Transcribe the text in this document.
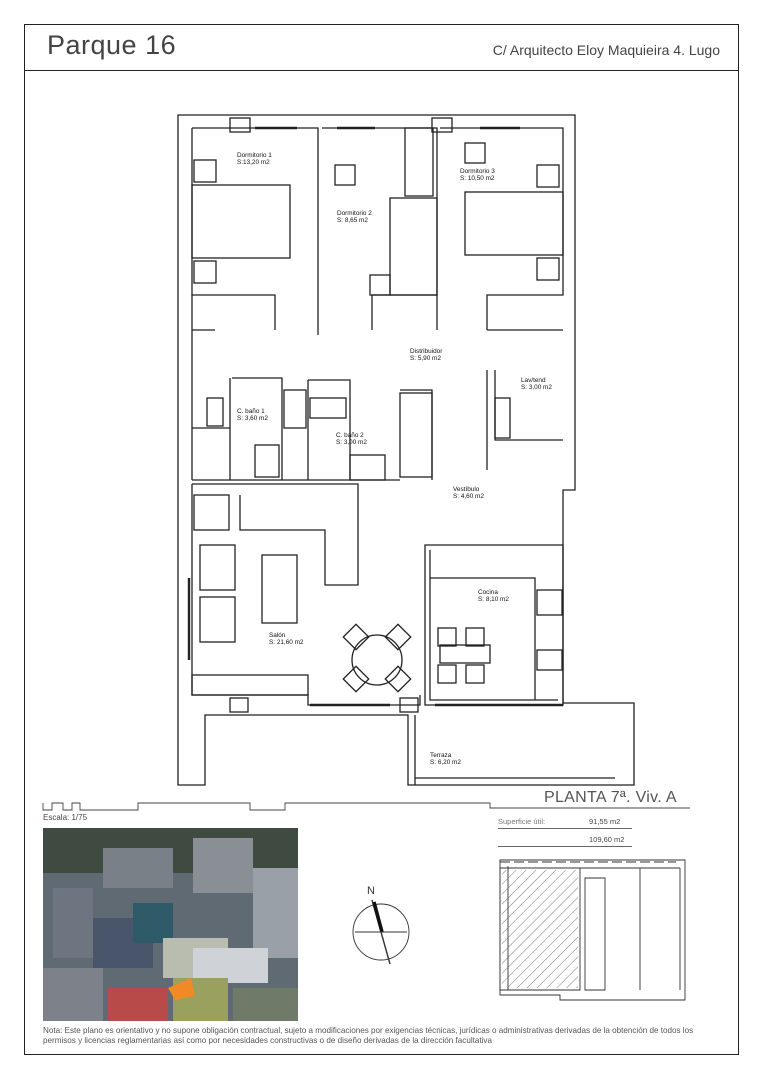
Parque 16	C/ Arquitecto Eloy Maquieira 4. Lugo
Dormitorio 1
S:13,20 m2
Dormitorio 2
S: 8,65 m2
Dormitorio 3
S: 10,50 m2
Distribuidor
S: 5,90 m2
Lav/tend
S: 3,00 m2
C. baño 1
S: 3,60 m2
C. baño 2
S: 3,00 m2
Vestíbulo
S: 4,60 m2
Cocina
S: 8,10 m2
Salón
S: 21,60 m2
Terraza
S: 6,20 m2
PLANTA 7ª. Viv. A
Escala: 1/75	Superficie útil:	91,55 m2
109,60 m2
N
Nota: Este plano es orientativo y no supone obligación contractual, sujeto a modificaciones por exigencias técnicas, jurídicas o administrativas derivadas de la obtención de todos los permisos y licencias reglamentarias así como por necesidades constructivas o de diseño derivadas de la dirección facultativa
